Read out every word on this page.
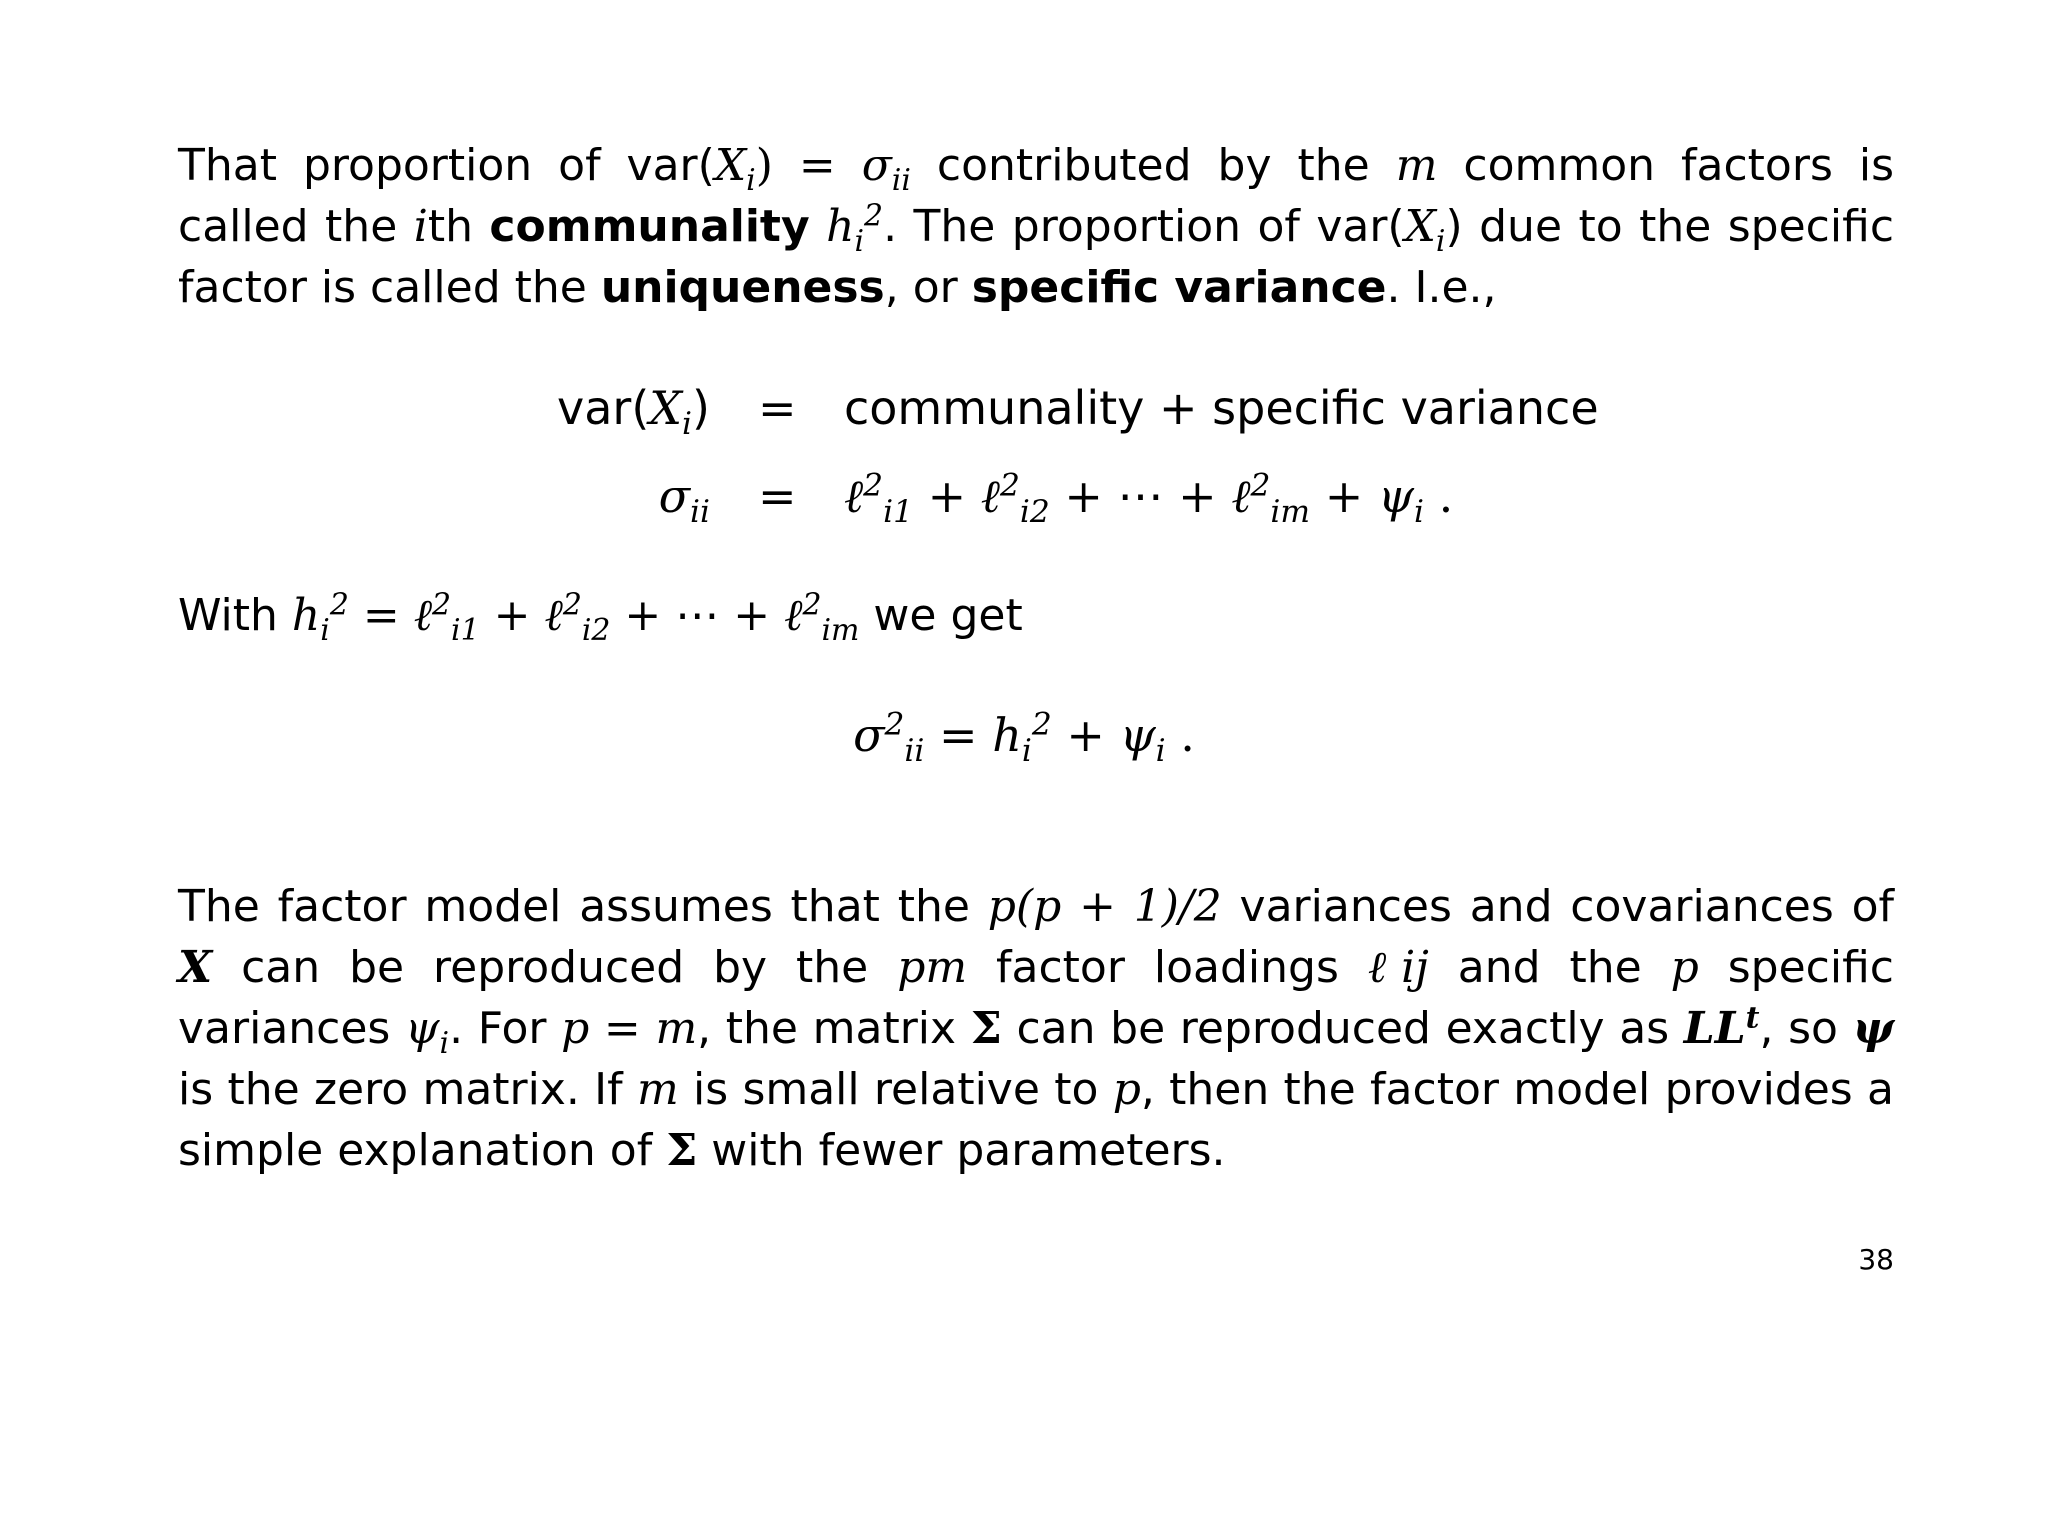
That proportion of $var(X_i) = \sigma_{ii}$ contributed by the m common factors is called the ith communality $h_i^2$. The proportion of $var(X_i)$ due to the specific factor is called the uniqueness, or specific variance. I.e.,

$var(X_i)$ = communality + specific variance
$\sigma_{ii}$ = ℓ$^2_{i1}$ + ℓ$^2_{i2}$ + ⋯ + ℓ$^2_{im}$ + $\psi_i$ .

With $h_i^2$ = ℓ$^2_{i1}$ + ℓ$^2_{i2}$ + ⋯ + ℓ$^2_{im}$ we get

$\sigma^2_{ii} = h_i^2 + \psi_i$ .

The factor model assumes that the p(p + 1)/2 variances and covariances of X can be reproduced by the pm factor loadings ℓij and the p specific variances $\psi_i$. For p = m, the matrix Σ can be reproduced exactly as $LL^t$, so ψ is the zero matrix. If m is small relative to p, then the factor model provides a simple explanation of Σ with fewer parameters.

38
